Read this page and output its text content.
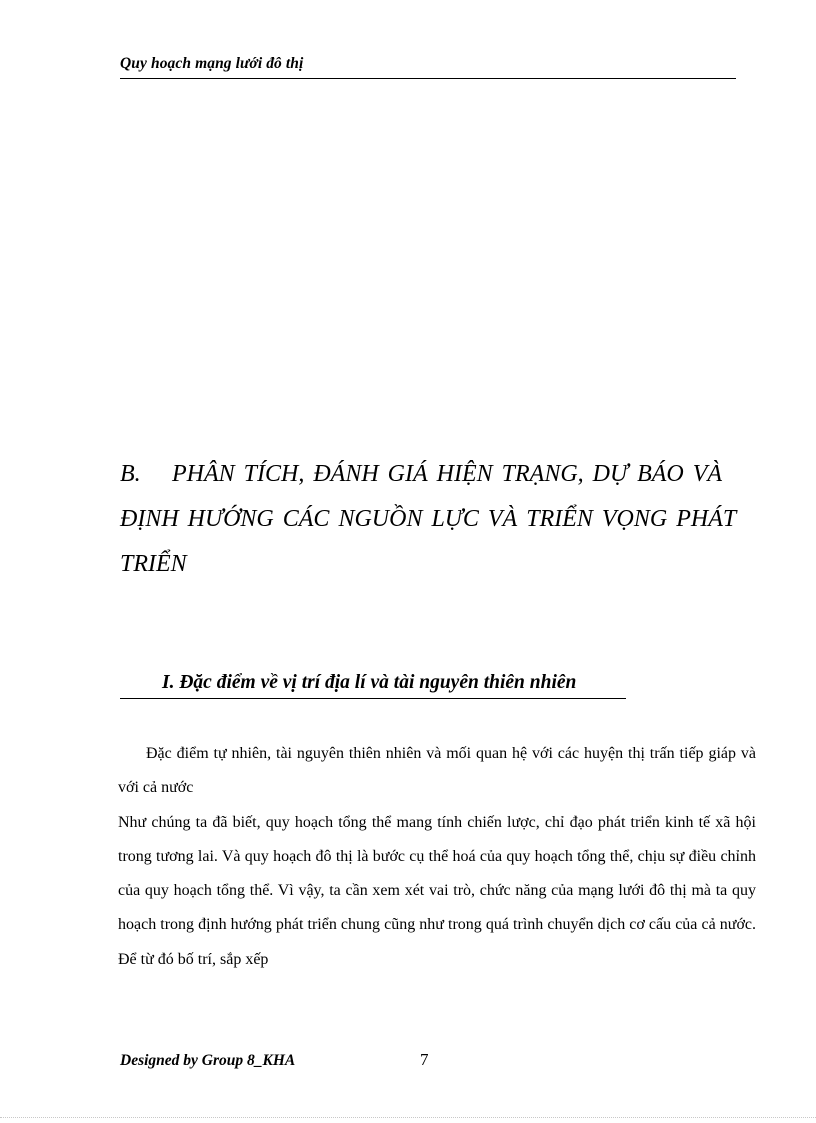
Quy hoạch mạng lưới đô thị
B. PHÂN TÍCH, ĐÁNH GIÁ HIỆN TRẠNG, DỰ BÁO VÀ ĐỊNH HƯỚNG CÁC NGUỒN LỰC VÀ TRIỂN VỌNG PHÁT TRIỂN
I. Đặc điểm về vị trí địa lí và tài nguyên thiên nhiên

Đặc điểm tự nhiên, tài nguyên thiên nhiên và mối quan hệ với các huyện thị trấn tiếp giáp và với cả nước

Như chúng ta đã biết, quy hoạch tổng thể mang tính chiến lược, chỉ đạo phát triển kinh tế xã hội trong tương lai. Và quy hoạch đô thị là bước cụ thể hoá của quy hoạch tổng thể, chịu sự điều chỉnh của quy hoạch tổng thể. Vì vậy, ta cần xem xét vai trò, chức năng của mạng lưới đô thị mà ta quy hoạch trong định hướng phát triển chung cũng như trong quá trình chuyển dịch cơ cấu của cả nước. Để từ đó bố trí, sắp xếp

Designed by Group 8_KHA	7
